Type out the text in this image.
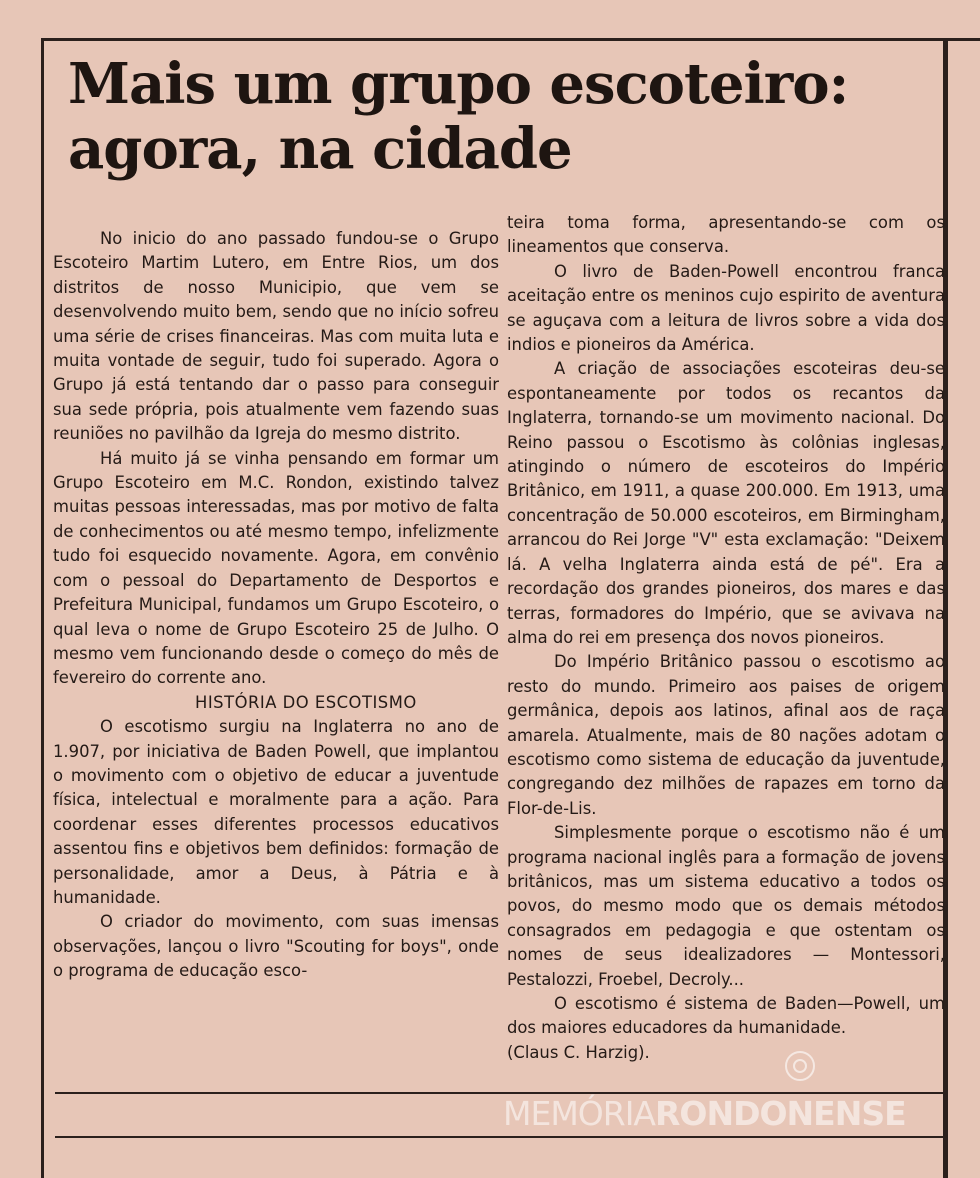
Mais um grupo escoteiro: agora, na cidade

No inicio do ano passado fundou-se o Grupo Escoteiro Martim Lutero, em Entre Rios, um dos distritos de nosso Municipio, que vem se desenvolvendo muito bem, sendo que no início sofreu uma série de crises financeiras. Mas com muita luta e muita vontade de seguir, tudo foi superado. Agora o Grupo já está tentando dar o passo para conseguir sua sede própria, pois atualmente vem fazendo suas reuniões no pavilhão da Igreja do mesmo distrito.

Há muito já se vinha pensando em formar um Grupo Escoteiro em M.C. Rondon, existindo talvez muitas pessoas interessadas, mas por motivo de falta de conhecimentos ou até mesmo tempo, infelizmente tudo foi esquecido novamente. Agora, em convênio com o pessoal do Departamento de Desportos e Prefeitura Municipal, fundamos um Grupo Escoteiro, o qual leva o nome de Grupo Escoteiro 25 de Julho. O mesmo vem funcionando desde o começo do mês de fevereiro do corrente ano.

HISTÓRIA DO ESCOTISMO

O escotismo surgiu na Inglaterra no ano de 1.907, por iniciativa de Baden Powell, que implantou o movimento com o objetivo de educar a juventude física, intelectual e moralmente para a ação. Para coordenar esses diferentes processos educativos assentou fins e objetivos bem definidos: formação de personalidade, amor a Deus, à Pátria e à humanidade.

O criador do movimento, com suas imensas observações, lançou o livro "Scouting for boys", onde o programa de educação esco-

teira toma forma, apresentando-se com os lineamentos que conserva.

O livro de Baden-Powell encontrou franca aceitação entre os meninos cujo espirito de aventura se aguçava com a leitura de livros sobre a vida dos indios e pioneiros da América.

A criação de associações escoteiras deu-se espontaneamente por todos os recantos da Inglaterra, tornando-se um movimento nacional. Do Reino passou o Escotismo às colônias inglesas, atingindo o número de escoteiros do Império Britânico, em 1911, a quase 200.000. Em 1913, uma concentração de 50.000 escoteiros, em Birmingham, arrancou do Rei Jorge "V" esta exclamação: "Deixem lá. A velha Inglaterra ainda está de pé". Era a recordação dos grandes pioneiros, dos mares e das terras, formadores do Império, que se avivava na alma do rei em presença dos novos pioneiros.

Do Império Britânico passou o escotismo ao resto do mundo. Primeiro aos paises de origem germânica, depois aos latinos, afinal aos de raça amarela. Atualmente, mais de 80 nações adotam o escotismo como sistema de educação da juventude, congregando dez milhões de rapazes em torno da Flor-de-Lis.

Simplesmente porque o escotismo não é um programa nacional inglês para a formação de jovens britânicos, mas um sistema educativo a todos os povos, do mesmo modo que os demais métodos consagrados em pedagogia e que ostentam os nomes de seus idealizadores — Montessori, Pestalozzi, Froebel, Decroly...

O escotismo é sistema de Baden—Powell, um dos maiores educadores da humanidade.

(Claus C. Harzig).

MEMÓRIARONDONENSE
